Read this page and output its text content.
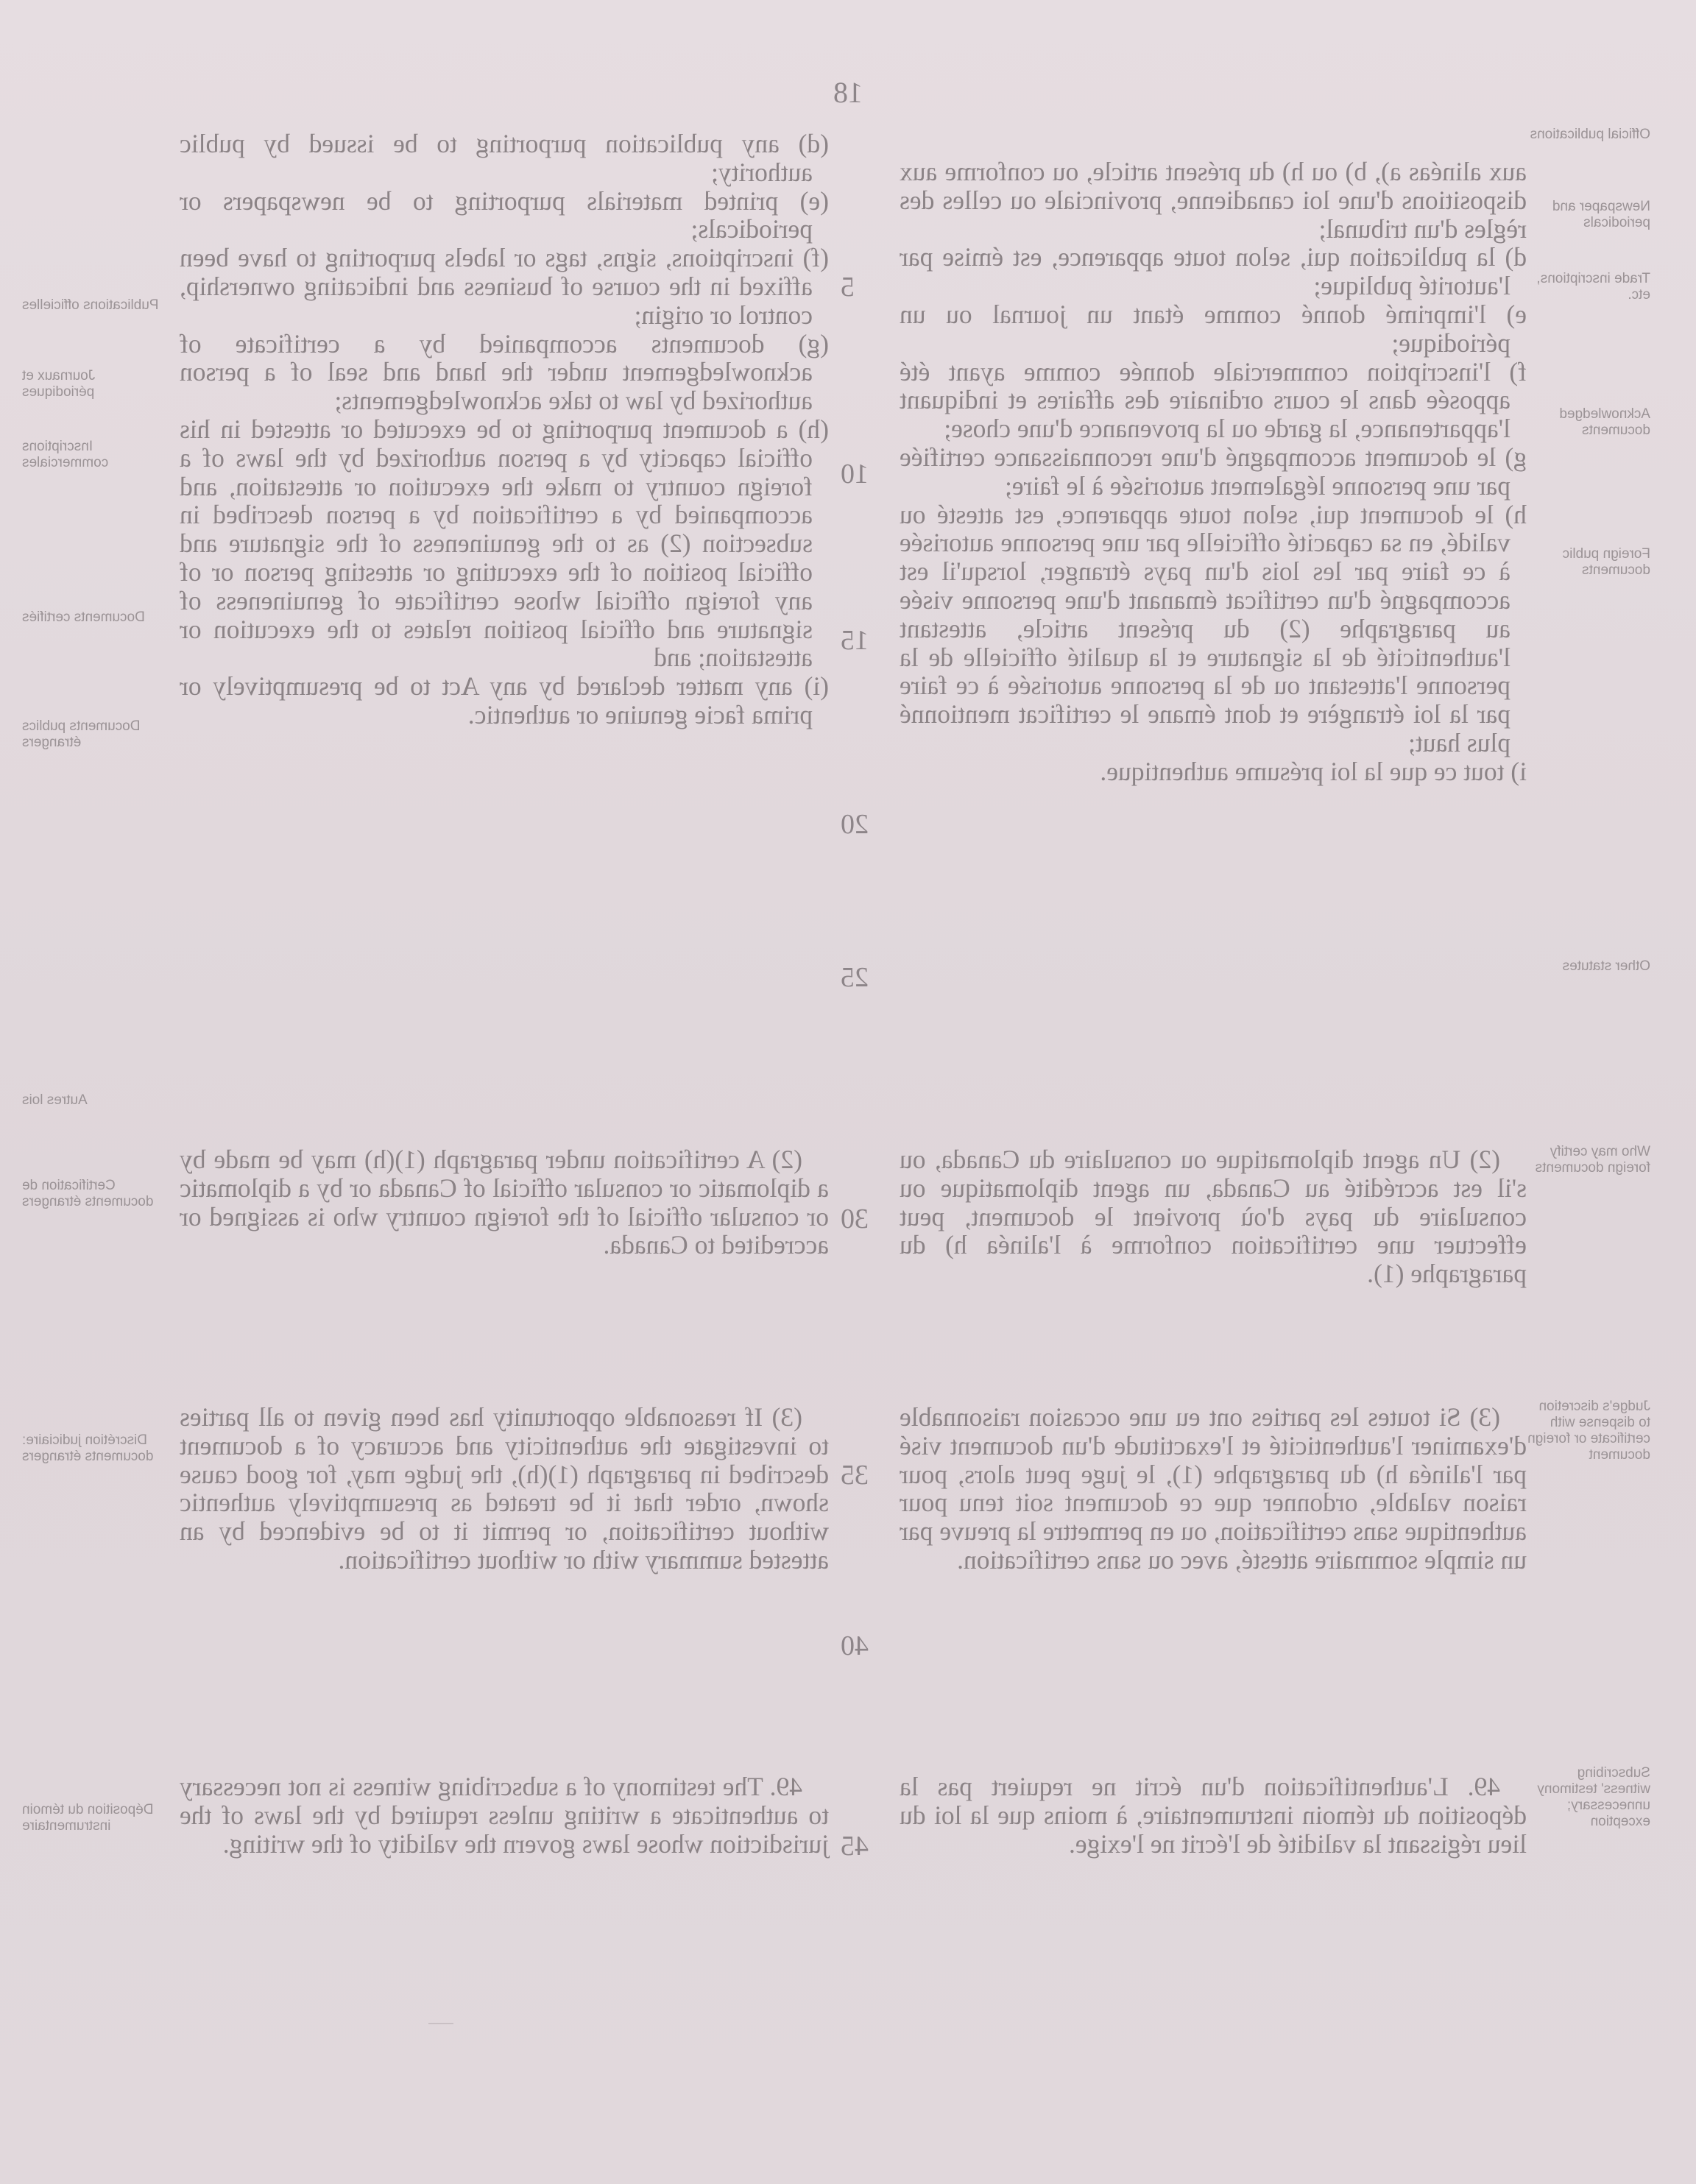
18

(d) any publication purporting to be issued by public authority;

(e) printed materials purporting to be newspapers or periodicals;

(f) inscriptions, signs, tags or labels purporting to have been affixed in the course of business and indicating ownership, control or origin;

(g) documents accompanied by a certificate of acknowledgement under the hand and seal of a person authorized by law to take acknowledgements;

(h) a document purporting to be executed or attested in his official capacity by a person authorized by the laws of a foreign country to make the execution or attestation, and accompanied by a certification by a person described in subsection (2) as to the genuineness of the signature and official position of the executing or attesting person or of any foreign official whose certificate of genuineness of signature and official position relates to the execution or attestation; and

(i) any matter declared by any Act to be presumptively or prima facie genuine or authentic.

(2) A certification under paragraph (1)(h) may be made by a diplomatic or consular official of Canada or by a diplomatic or consular official of the foreign country who is assigned or accredited to Canada.

(3) If reasonable opportunity has been given to all parties to investigate the authenticity and accuracy of a document described in paragraph (1)(h), the judge may, for good cause shown, order that it be treated as presumptively authentic without certification, or permit it to be evidenced by an attested summary with or without certification.

49. The testimony of a subscribing witness is not necessary to authenticate a writing unless required by the laws of the jurisdiction whose laws govern the validity of the writing.

aux alinéas a), b) ou h) du présent article, ou conforme aux dispositions d'une loi canadienne, provinciale ou celles des règles d'un tribunal;

d) la publication qui, selon toute apparence, est émise par l'autorité publique;

e) l'imprimé donné comme étant un journal ou un périodique;

f) l'inscription commerciale donnée comme ayant été apposée dans le cours ordinaire des affaires et indiquant l'appartenance, la garde ou la provenance d'une chose;

g) le document accompagné d'une reconnaissance certifiée par une personne légalement autorisée à le faire;

h) le document qui, selon toute apparence, est attesté ou validé, en sa capacité officielle par une personne autorisée à ce faire par les lois d'un pays étranger, lorsqu'il est accompagné d'un certificat émanant d'une personne visée au paragraphe (2) du présent article, attestant l'authenticité de la signature et la qualité officielle de la personne l'attestant ou de la personne autorisée à ce faire par la loi étrangère et dont émane le certificat mentionné plus haut;

i) tout ce que la loi présume authentique.

(2) Un agent diplomatique ou consulaire du Canada, ou s'il est accrédité au Canada, un agent diplomatique ou consulaire du pays d'où provient le document, peut effectuer une certification conforme à l'alinéa h) du paragraphe (1).

(3) Si toutes les parties ont eu une occasion raisonnable d'examiner l'authenticité et l'exactitude d'un document visé par l'alinéa h) du paragraphe (1), le juge peut alors, pour raison valable, ordonner que ce document soit tenu pour authentique sans certification, ou en permettre la preuve par un simple sommaire attesté, avec ou sans certification.

49. L'authentification d'un écrit ne requiert pas la déposition du témoin instrumentaire, à moins que la loi du lieu régissant la validité de l'écrit ne l'exige.

5
10
15
20
25
30
35
40
45
Official publications
Newspaper and periodicals
Trade inscriptions, etc.
Acknowledged documents
Foreign public documents
Other statutes
Who may certify foreign documents
Judge's discretion to dispense with certificate or foreign document
Subscribing witness' testimony unnecessary; exception
Publications officielles
Journaux et périodiques
Inscriptions commerciales
Documents certifiés
Documents publics étrangers
Autres lois
Certification de documents étrangers
Discrétion judiciaire: documents étrangers
Déposition du témoin instrumentaire
